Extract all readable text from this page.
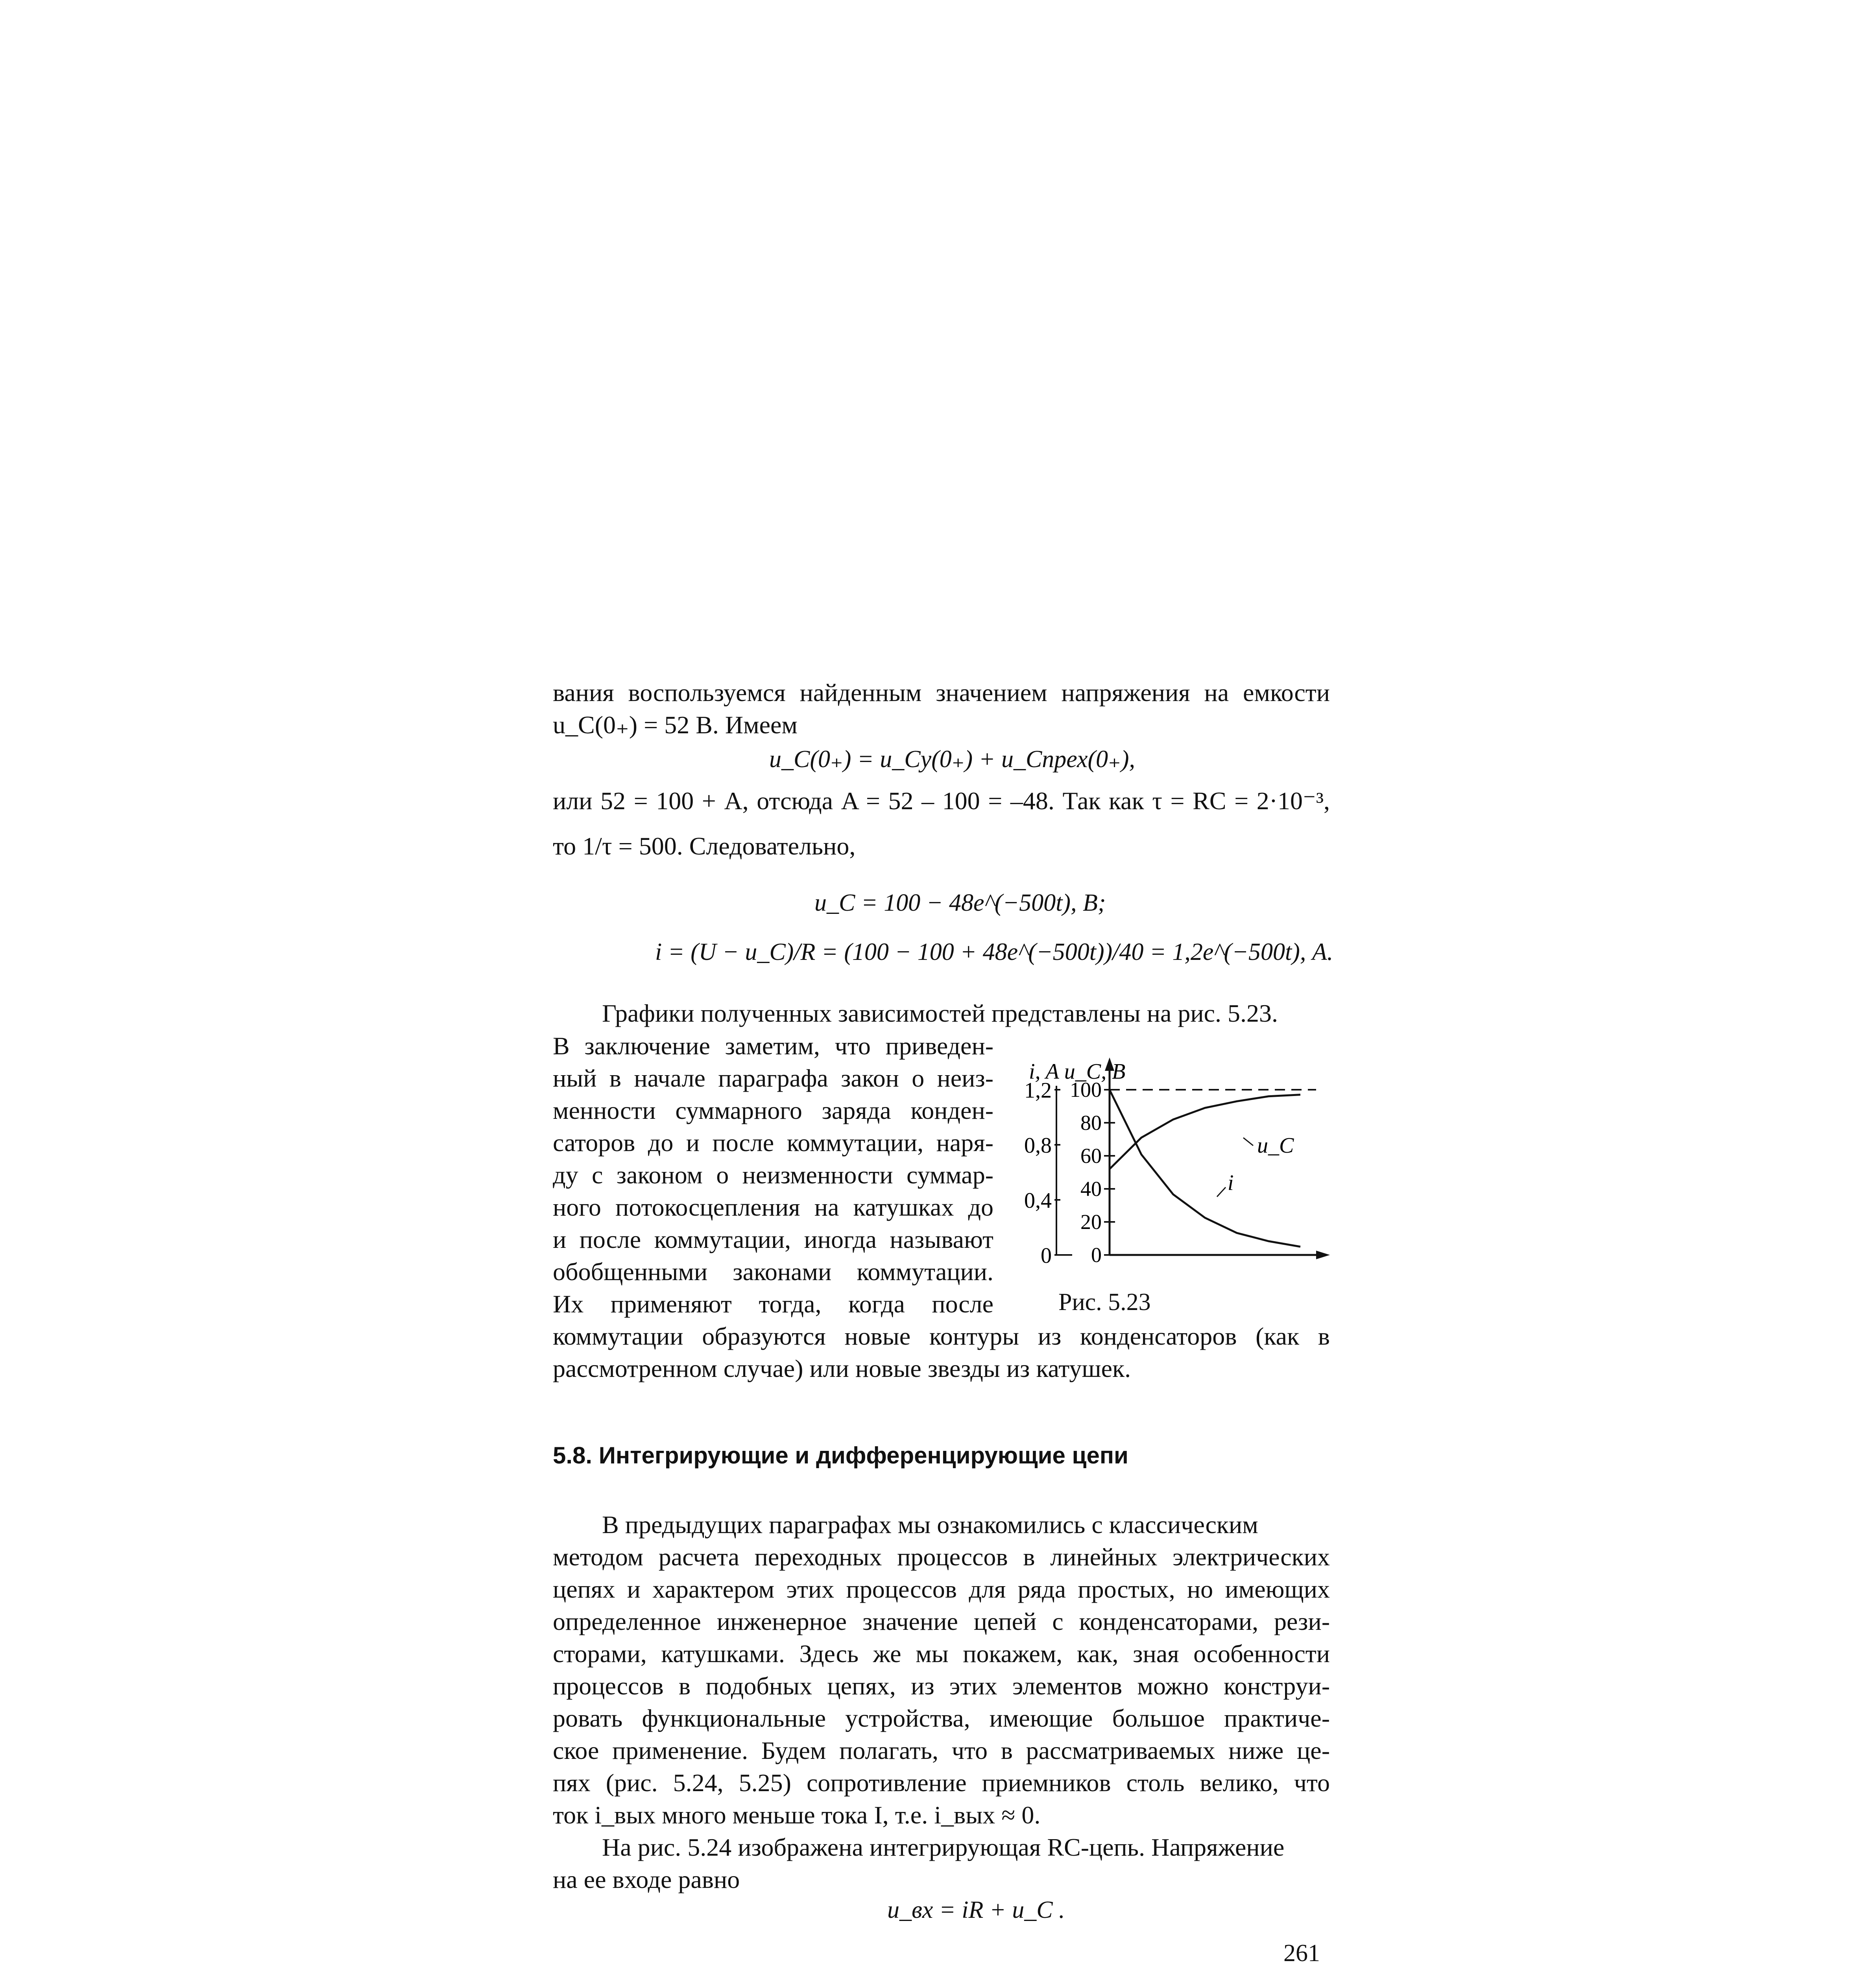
вания воспользуемся найденным значением напряжения на емкости
u_C(0₊) = 52 В. Имеем
u_C(0₊) = u_Cу(0₊) + u_Cпрех(0₊),
или 52 = 100 + A, отсюда A = 52 – 100 = –48. Так как τ = RC = 2·10⁻³,
то 1/τ = 500. Следовательно,
u_C = 100 − 48e^(−500t), В;
i = (U − u_C)/R = (100 − 100 + 48e^(−500t))/40 = 1,2e^(−500t), А.
Графики полученных зависимостей представлены на рис. 5.23.
В заключение заметим, что приведен-
ный в начале параграфа закон о неиз-
менности суммарного заряда конден-
саторов до и после коммутации, наря-
ду с законом о неизменности суммар-
ного потокосцепления на катушках до
и после коммутации, иногда называют
обобщенными законами коммутации.
Их применяют тогда, когда после
коммутации образуются новые контуры из конденсаторов (как в
рассмотренном случае) или новые звезды из катушек.
0
0,4
0,8
1,2
0
20
40
60
80
100
i, A u_C, В
u_C
i
Рис. 5.23
5.8. Интегрирующие и дифференцирующие цепи
В предыдущих параграфах мы ознакомились с классическим
методом расчета переходных процессов в линейных электрических
цепях и характером этих процессов для ряда простых, но имеющих
определенное инженерное значение цепей с конденсаторами, рези-
сторами, катушками. Здесь же мы покажем, как, зная особенности
процессов в подобных цепях, из этих элементов можно конструи-
ровать функциональные устройства, имеющие большое практиче-
ское применение. Будем полагать, что в рассматриваемых ниже це-
пях (рис. 5.24, 5.25) сопротивление приемников столь велико, что
ток i_вых много меньше тока I, т.е. i_вых ≈ 0.
На рис. 5.24 изображена интегрирующая RC-цепь. Напряжение
на ее входе равно
u_вх = iR + u_C .
261
